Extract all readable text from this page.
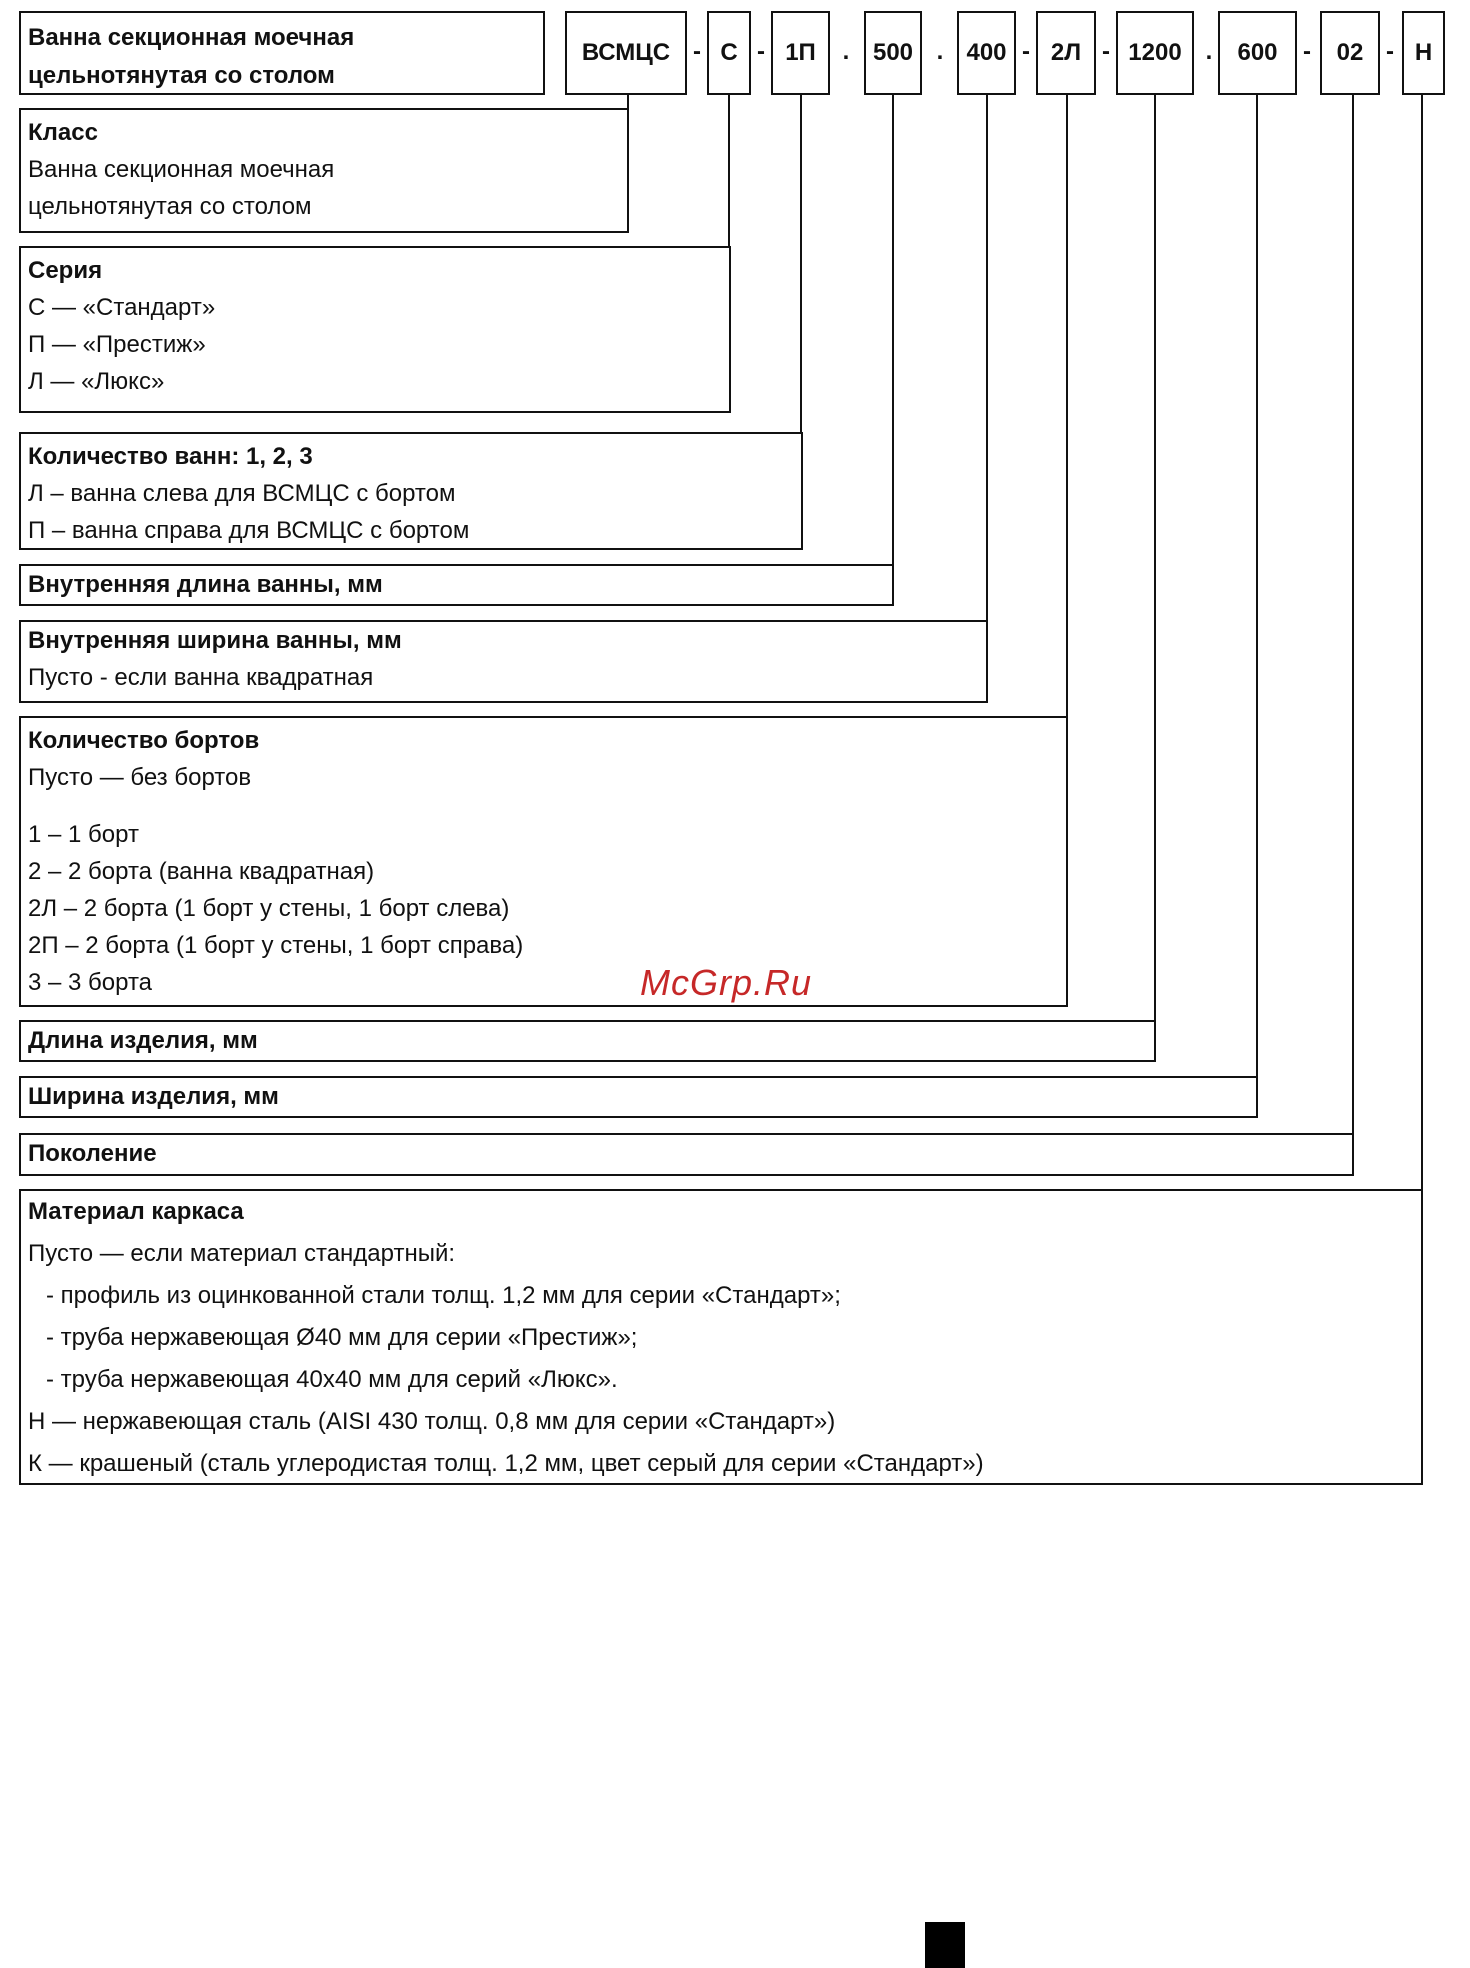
Ванна секционная моечная цельнотянутая со столом
ВСМЦС - С - 1П	. 500 . 400 - 2Л - 1200 .	600	-	02 - Н
Класс
Ванна секционная моечная
цельнотянутая со столом
Серия
С — «Стандарт»
П — «Престиж»
Л — «Люкс»
Количество ванн: 1, 2, 3
Л – ванна слева для ВСМЦС с бортом
П – ванна справа для ВСМЦС с бортом
Внутренняя длина ванны, мм
Внутренняя ширина ванны, мм
Пусто - если ванна квадратная
Количество бортов
Пусто — без бортов
1 – 1 борт
2 – 2 борта (ванна квадратная)
2Л – 2 борта (1 борт у стены, 1 борт слева)
2П – 2 борта (1 борт у стены, 1 борт справа)
3 – 3 борта
Длина изделия, мм
Ширина изделия, мм
Поколение
Материал каркаса
Пусто — если материал стандартный:
- профиль из оцинкованной стали толщ. 1,2 мм для серии «Стандарт»;
- труба нержавеющая Ø40 мм для серии «Престиж»;
- труба нержавеющая 40х40 мм для серий «Люкс».
Н — нержавеющая сталь (AISI 430 толщ. 0,8 мм для серии «Стандарт»)
К — крашеный (сталь углеродистая толщ. 1,2 мм, цвет серый для серии «Стандарт»)
McGrp.Ru
